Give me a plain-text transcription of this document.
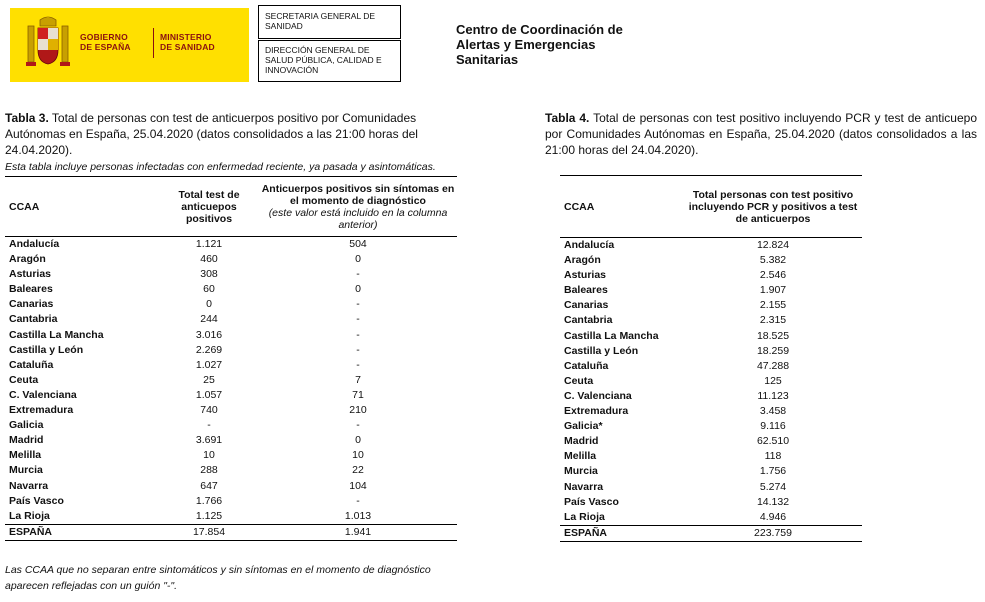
GOBIERNO
DE ESPAÑA
MINISTERIO
DE SANIDAD
SECRETARIA GENERAL DE SANIDAD
DIRECCIÓN GENERAL DE SALUD PÚBLICA, CALIDAD E INNOVACIÓN
Centro de Coordinación de
Alertas y Emergencias
Sanitarias
Tabla 3. Total de personas con test de anticuerpos positivo por Comunidades Autónomas en España, 25.04.2020 (datos consolidados a las 21:00 horas del 24.04.2020).
Esta tabla incluye personas infectadas con enfermedad reciente, ya pasada y asintomáticas.
CCAA	Total test de anticuepos positivos	Anticuerpos positivos sin síntomas en el momento de diagnóstico
(este valor está incluido en la columna anterior)

Andalucía	1.121	504
Aragón	460	0
Asturias	308	-
Baleares	60	0
Canarias	0	-
Cantabria	244	-
Castilla La Mancha	3.016	-
Castilla y León	2.269	-
Cataluña	1.027	-
Ceuta	25	7
C. Valenciana	1.057	71
Extremadura	740	210
Galicia	-	-
Madrid	3.691	0
Melilla	10	10
Murcia	288	22
Navarra	647	104
País Vasco	1.766	-
La Rioja	1.125	1.013
ESPAÑA	17.854	1.941
Tabla 4. Total de personas con test positivo incluyendo PCR y test de anticuepo por Comunidades Autónomas en España, 25.04.2020 (datos consolidados a las 21:00 horas del 24.04.2020).
CCAA	Total personas con test positivo incluyendo PCR y positivos a test de anticuerpos
Andalucía	12.824
Aragón	5.382
Asturias	2.546
Baleares	1.907
Canarias	2.155
Cantabria	2.315
Castilla La Mancha	18.525
Castilla y León	18.259
Cataluña	47.288
Ceuta	125
C. Valenciana	11.123
Extremadura	3.458
Galicia*	9.116
Madrid	62.510
Melilla	118
Murcia	1.756
Navarra	5.274
País Vasco	14.132
La Rioja	4.946
ESPAÑA	223.759
Las CCAA que no separan entre sintomáticos y sin síntomas en el momento de diagnóstico
aparecen reflejadas con un guión "-".
